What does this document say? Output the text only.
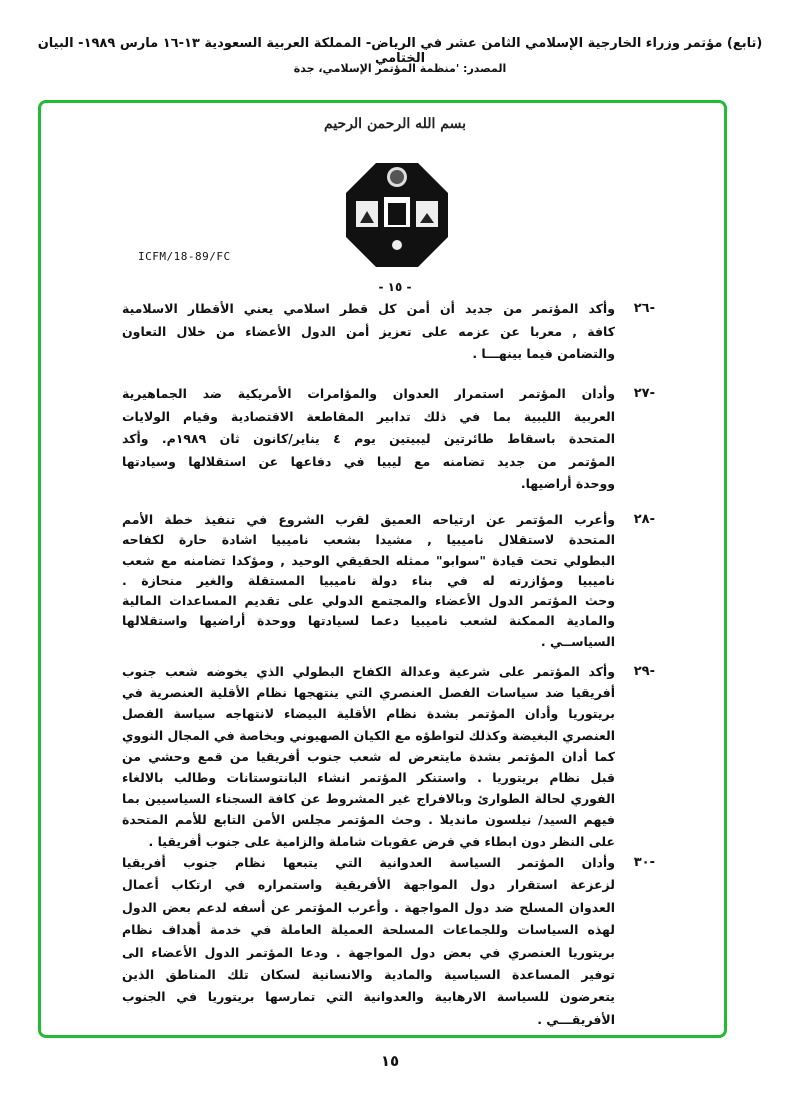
(تابع) مؤتمر وزراء الخارجية الإسلامي الثامن عشر في الرياض- المملكة العربية السعودية ١٣-١٦ مارس ١٩٨٩- البيان الختامي
المصدر: 'منظمة المؤتمر الإسلامي، جدة
بسم الله الرحمن الرحيم
ICFM/18-89/FC
- ١٥ -
-٢٦
وأكد المؤتمر من جديد أن أمن كل قطر اسلامي يعني الأقطار الاسلامية
كافة , معربا عن عزمه على تعزيز أمن الدول الأعضاء من خلال التعاون
والتضامن فيما بينهـــا .
-٢٧
وأدان المؤتمر استمرار العدوان والمؤامرات الأمريكية ضد الجماهيرية
العربية الليبية بما في ذلك تدابير المقاطعة الاقتصادية وقيام الولايات
المتحدة باسقاط طائرتين ليبيتين يوم ٤ يناير/كانون ثان ١٩٨٩م. وأكد
المؤتمر من جديد تضامنه مع ليبيا في دفاعها عن استقلالها وسيادتها
ووحدة أراضيها.
-٢٨
وأعرب المؤتمر عن ارتياحه العميق لقرب الشروع في تنفيذ خطة الأمم
المتحدة لاستقلال ناميبيا , مشيدا بشعب ناميبيا اشادة حارة لكفاحه
البطولي تحت قيادة "سوابو" ممثله الحقيقي الوحيد , ومؤكدا تضامنه مع شعب
ناميبيا ومؤازرته له في بناء دولة ناميبيا المستقلة والغير منحازة .
وحث المؤتمر الدول الأعضاء والمجتمع الدولي على تقديم المساعدات المالية
والمادية الممكنة لشعب ناميبيا دعما لسيادتها ووحدة أراضيها واستقلالها
السياســي .
-٢٩
وأكد المؤتمر على شرعية وعدالة الكفاح البطولي الذي يخوضه شعب جنوب
أفريقيا ضد سياسات الفصل العنصري التي ينتهجها نظام الأقلية العنصرية في
بريتوريا وأدان المؤتمر بشدة نظام الأقلية البيضاء لانتهاجه سياسة الفصل
العنصري البغيضة وكذلك لتواطؤه مع الكيان الصهيوني وبخاصة في المجال النووي
كما أدان المؤتمر بشدة مايتعرض له شعب جنوب أفريقيا من قمع وحشي من
قبل نظام بريتوريا . واستنكر المؤتمر انشاء البانتوستانات وطالب بالالغاء
الفوري لحالة الطوارئ وبالافراج غير المشروط عن كافة السجناء السياسيين بما
فيهم السيد/ نيلسون مانديلا . وحث المؤتمر مجلس الأمن التابع للأمم المتحدة
على النظر دون ابطاء في فرض عقوبات شاملة والزامية على جنوب أفريقيا .
-٣٠
وأدان المؤتمر السياسة العدوانية التي يتبعها نظام جنوب أفريقيا
لزعزعة استقرار دول المواجهة الأفريقية واستمراره في ارتكاب أعمال
العدوان المسلح ضد دول المواجهة . وأعرب المؤتمر عن أسفه لدعم بعض الدول
لهذه السياسات وللجماعات المسلحة العميلة العاملة في خدمة أهداف نظام
بريتوريا العنصري في بعض دول المواجهة . ودعا المؤتمر الدول الأعضاء الى
توفير المساعدة السياسية والمادية والانسانية لسكان تلك المناطق الذين
يتعرضون للسياسة الارهابية والعدوانية التي تمارسها بريتوريا في الجنوب
الأفريقـــي .
١٥
